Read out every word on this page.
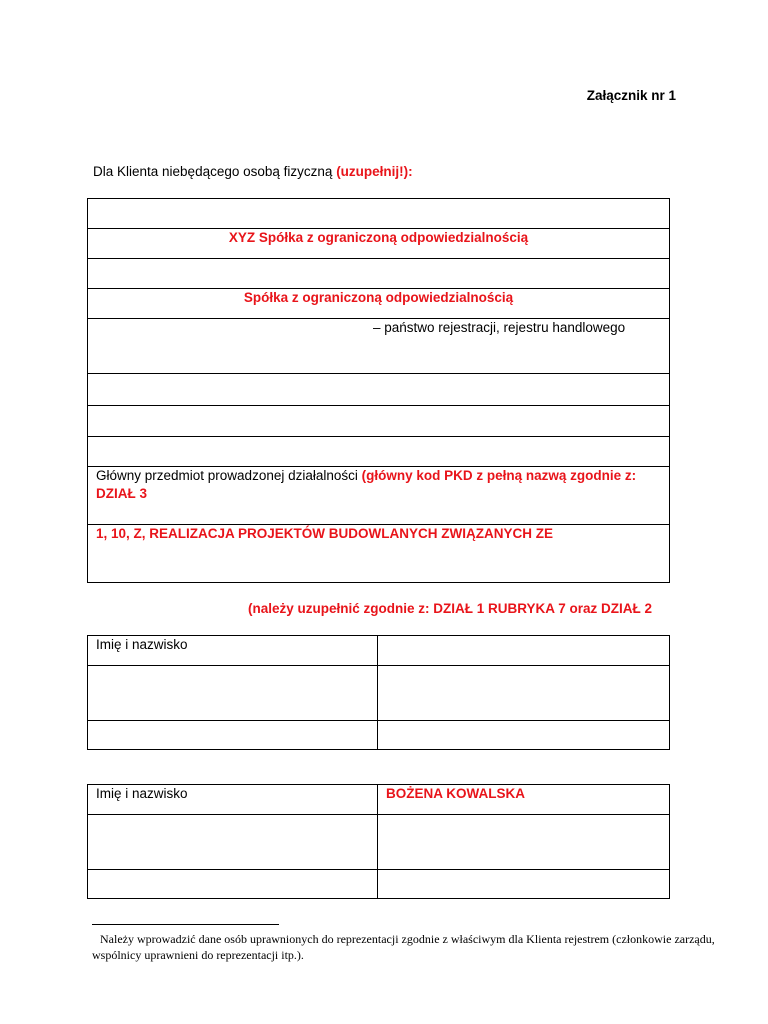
Załącznik nr 1
Dla Klienta niebędącego osobą fizyczną (uzupełnij!):

XYZ Spółka z ograniczoną odpowiedzialnością

Spółka z ograniczoną odpowiedzialnością

– państwo rejestracji, rejestru handlowego

Główny przedmiot prowadzonej działalności (główny kod PKD z pełną nazwą zgodnie z: DZIAŁ 3

1, 10, Z, REALIZACJA PROJEKTÓW BUDOWLANYCH ZWIĄZANYCH ZE
(należy uzupełnić zgodnie z: DZIAŁ 1 RUBRYKA 7 oraz DZIAŁ 2
Imię i nazwisko	

Imię i nazwisko	BOŻENA KOWALSKA

Należy wprowadzić dane osób uprawnionych do reprezentacji zgodnie z właściwym dla Klienta rejestrem (członkowie zarządu, wspólnicy uprawnieni do reprezentacji itp.).
